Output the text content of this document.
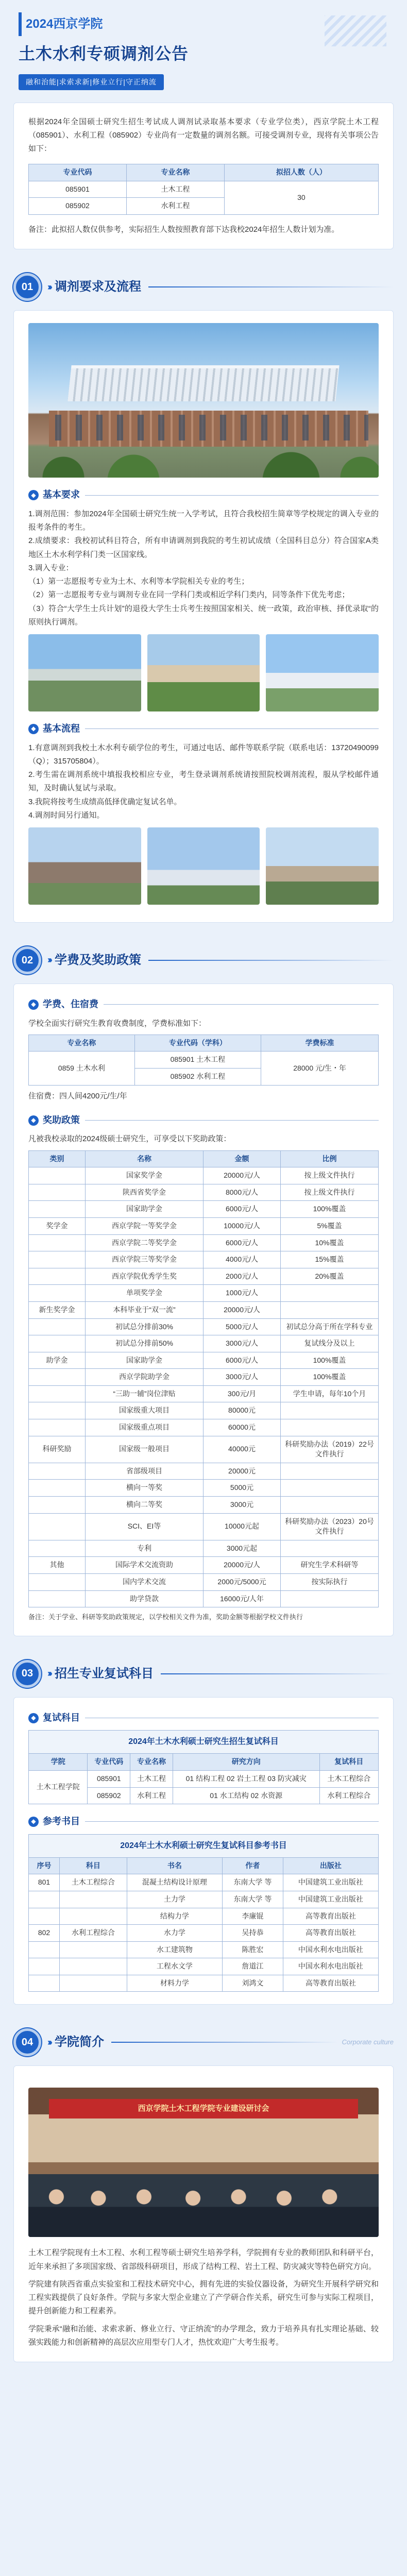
2024西京学院
土木水利专硕调剂公告
融和治能|求索求新|修业立行|守正纳流

根据2024年全国硕士研究生招生考试成人调剂试录取基本要求（专业学位类），西京学院土木工程（085901）、水利工程（085902）专业尚有一定数量的调剂名额。可接受调剂专业，现将有关事项公告如下：

专业代码	专业名称	拟招人数（人）
085901	土木工程	30
085902	水利工程	

备注：此拟招人数仅供参考，实际招生人数按照教育部下达我校2024年招生人数计划为准。

01	››› 调剂要求及流程
◆ 基本要求

1.调剂范围：参加2024年全国硕士研究生统一入学考试，且符合我校招生简章等学校规定的调入专业的报考条件的考生。

2.成绩要求：我校初试科目符合，所有申请调剂到我院的考生初试成绩（全国科目总分）符合国家A类地区土木水利学科门类一区国家线。

3.调入专业：

（1）第一志愿报考专业为土木、水利等本学院相关专业的考生；

（2）第一志愿报考专业与调剂专业在同一学科门类或相近学科门类内，同等条件下优先考虑；

（3）符合“大学生士兵计划”的退役大学生士兵考生按照国家相关、统一政策，政治审核、择优录取“的原则执行调剂。

◆ 基本流程

1.有意调剂到我校土木水利专硕学位的考生，可通过电话、邮件等联系学院（联系电话：13720490099（Q）；315705804）。

2.考生需在调剂系统中填报我校相应专业，考生登录调剂系统请按照院校调剂流程，服从学校邮件通知，及时确认复试与录取。

3.我院将按考生成绩高低择优确定复试名单。

4.调剂时间另行通知。

02	››› 学费及奖助政策
◆ 学费、住宿费

学校全面实行研究生教育收费制度，学费标准如下：

专业名称	专业代码（学科）	学费标准
0859 土木水利	085901 土木工程	28000 元/生・年
	085902 水利工程	

住宿费：四人间4200元/生/年

◆ 奖助政策

凡被我校录取的2024级硕士研究生，可享受以下奖助政策：

类别	名称	金额	比例
	国家奖学金	20000元/人	按上级文件执行
	陕西省奖学金	8000元/人	按上级文件执行
	国家助学金	6000元/人	100%覆盖
奖学金	西京学院一等奖学金	10000元/人	5%覆盖
	西京学院二等奖学金	6000元/人	10%覆盖
	西京学院三等奖学金	4000元/人	15%覆盖
	西京学院优秀学生奖	2000元/人	20%覆盖
	单项奖学金	1000元/人	
新生奖学金	本科毕业于“双一流”	20000元/人	
	初试总分排前30%	5000元/人	初试总分高于所在学科专业
	初试总分排前50%	3000元/人	复试线分及以上
助学金	国家助学金	6000元/人	100%覆盖
	西京学院助学金	3000元/人	100%覆盖
	“三助一辅”岗位津贴	300元/月	学生申请，每年10个月
	国家级重大项目	80000元	
	国家级重点项目	60000元	
科研奖励	国家级一般项目	40000元	科研奖励办法（2019）22号文件执行
	省部级项目	20000元	
	横向一等奖	5000元	
	横向二等奖	3000元	
	SCI、EI等	10000元起	科研奖励办法（2023）20号文件执行
	专利	3000元起	
其他	国际学术交流资助	20000元/人	研究生学术科研等
	国内学术交流	2000元/5000元	按实际执行
	助学贷款	16000元/人年	

备注：关于学业、科研等奖助政策规定，以学校相关文件为准，奖助金额等根据学校文件执行

03	››› 招生专业复试科目
◆ 复试科目
2024年土木水利硕士研究生招生复试科目
学院	专业代码	专业名称	研究方向	复试科目
土木工程学院	085901	土木工程	01 结构工程 02 岩土工程 03 防灾减灾	土木工程综合
	085902	水利工程	01 水工结构 02 水资源	水利工程综合
◆ 参考书目
2024年土木水利硕士研究生复试科目参考书目
序号	科目	书名	作者	出版社
801	土木工程综合	混凝土结构设计原理	东南大学 等	中国建筑工业出版社
		土力学	东南大学 等	中国建筑工业出版社
		结构力学	李廉锟	高等教育出版社
802	水利工程综合	水力学	吴持恭	高等教育出版社
		水工建筑物	陈胜宏	中国水利水电出版社
		工程水文学	詹道江	中国水利水电出版社
		材料力学	刘鸿文	高等教育出版社
04	››› 学院简介	Corporate culture
西京学院土木工程学院专业建设研讨会

土木工程学院现有土木工程、水利工程等硕士研究生培养学科，学院拥有专业的教师团队和科研平台，近年来承担了多项国家级、省部级科研项目，形成了结构工程、岩土工程、防灾减灾等特色研究方向。

学院建有陕西省重点实验室和工程技术研究中心，拥有先进的实验仪器设备，为研究生开展科学研究和工程实践提供了良好条件。学院与多家大型企业建立了产学研合作关系，研究生可参与实际工程项目，提升创新能力和工程素养。

学院秉承“融和治能、求索求新、修业立行、守正纳流”的办学理念，致力于培养具有扎实理论基础、较强实践能力和创新精神的高层次应用型专门人才，热忱欢迎广大考生报考。
